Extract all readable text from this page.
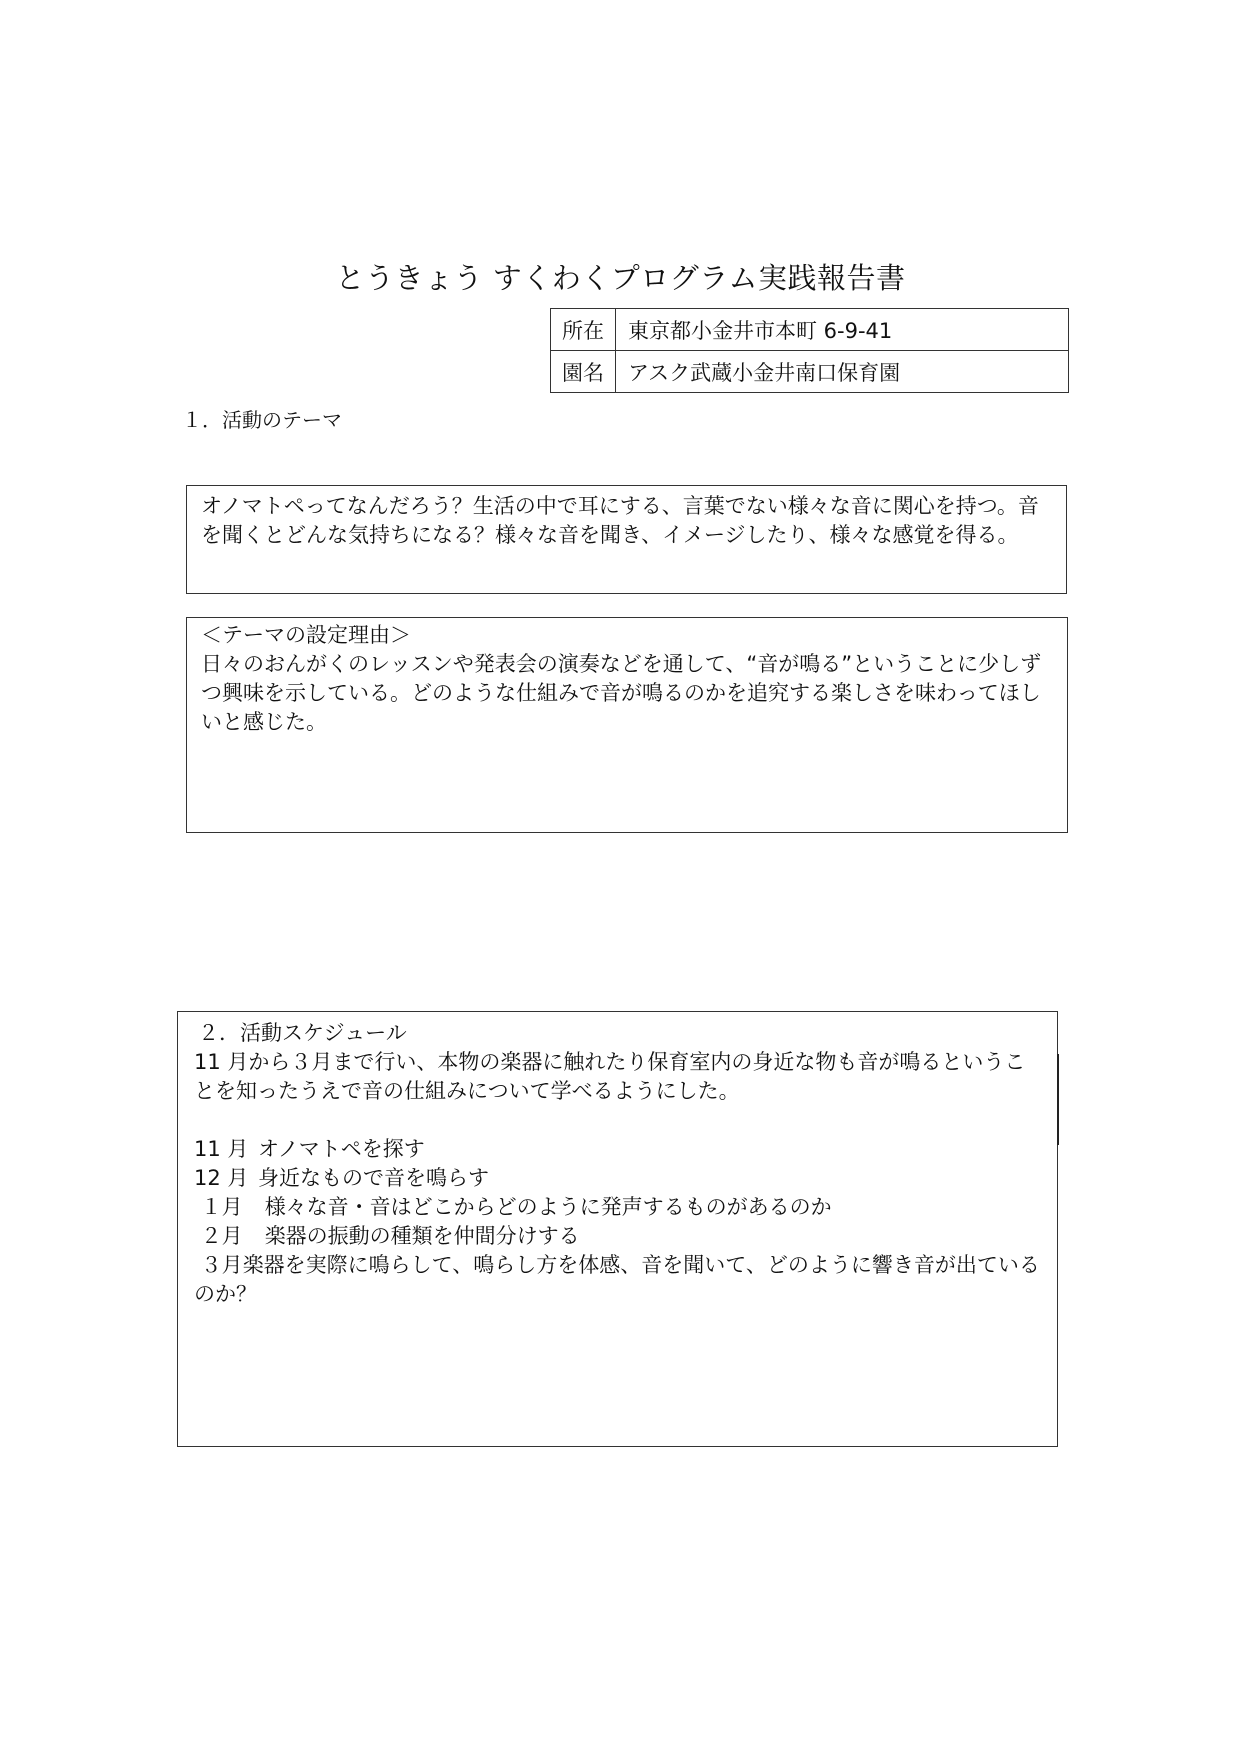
とうきょう すくわくプログラム実践報告書
所在	東京都小金井市本町 6-9-41
園名	アスク武蔵小金井南口保育園
１．活動のテーマ

オノマトペってなんだろう？生活の中で耳にする、言葉でない様々な音に関心を持つ。音を聞くとどんな気持ちになる？様々な音を聞き、イメージしたり、様々な感覚を得る。

＜テーマの設定理由＞

日々のおんがくのレッスンや発表会の演奏などを通して、“音が鳴る”ということに少しずつ興味を示している。どのような仕組みで音が鳴るのかを追究する楽しさを味わってほしいと感じた。

２．活動スケジュール

11 月から３月まで行い、本物の楽器に触れたり保育室内の身近な物も音が鳴るということを知ったうえで音の仕組みについて学べるようにした。

11 月 オノマトペを探す

12 月 身近なもので音を鳴らす

１月 様々な音・音はどこからどのように発声するものがあるのか

２月 楽器の振動の種類を仲間分けする

３月楽器を実際に鳴らして、鳴らし方を体感、音を聞いて、どのように響き音が出ているのか？
